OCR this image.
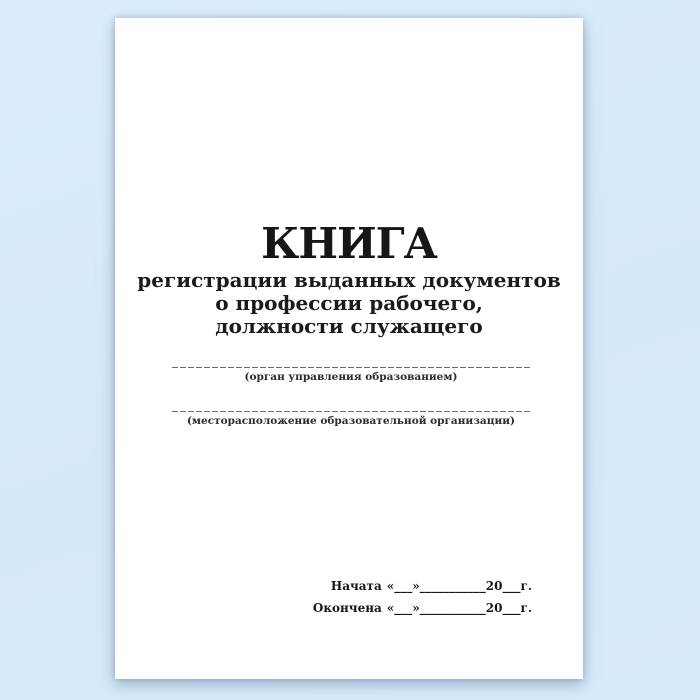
КНИГА

регистрации выданных документов

о профессии рабочего,

должности служащего

(орган управления образованием)
(месторасположение образовательной организации)
Начата «___»___________20___г.
Окончена «___»___________20___г.
